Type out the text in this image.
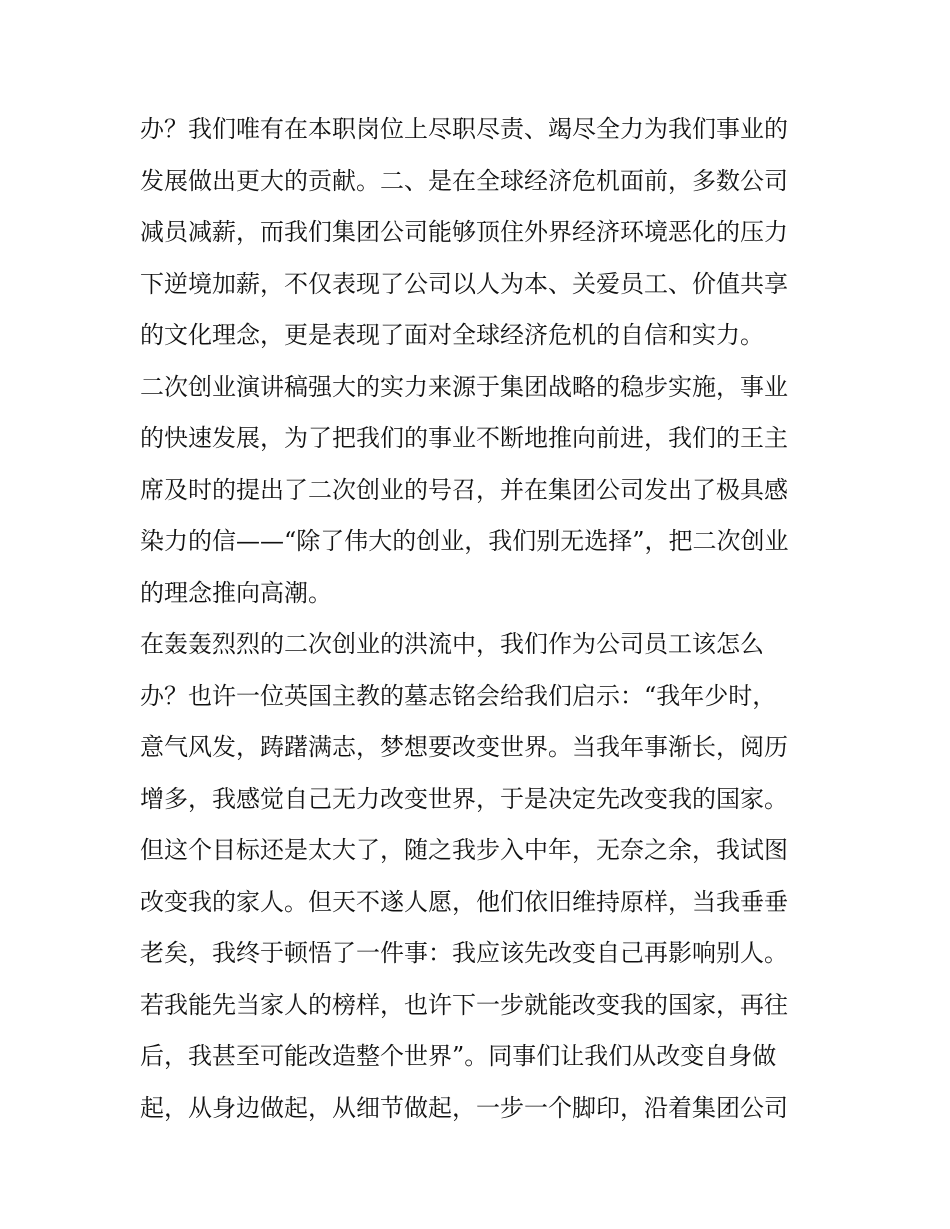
办？我们唯有在本职岗位上尽职尽责、竭尽全力为我们事业的
发展做出更大的贡献。二、是在全球经济危机面前，多数公司
减员减薪，而我们集团公司能够顶住外界经济环境恶化的压力
下逆境加薪，不仅表现了公司以人为本、关爱员工、价值共享
的文化理念，更是表现了面对全球经济危机的自信和实力。
二次创业演讲稿强大的实力来源于集团战略的稳步实施，事业
的快速发展，为了把我们的事业不断地推向前进，我们的王主
席及时的提出了二次创业的号召，并在集团公司发出了极具感
染力的信——“除了伟大的创业，我们别无选择”，把二次创业
的理念推向高潮。
在轰轰烈烈的二次创业的洪流中，我们作为公司员工该怎么
办？也许一位英国主教的墓志铭会给我们启示：“我年少时，
意气风发，踌躇满志，梦想要改变世界。当我年事渐长，阅历
增多，我感觉自己无力改变世界，于是决定先改变我的国家。
但这个目标还是太大了，随之我步入中年，无奈之余，我试图
改变我的家人。但天不遂人愿，他们依旧维持原样，当我垂垂
老矣，我终于顿悟了一件事：我应该先改变自己再影响别人。
若我能先当家人的榜样，也许下一步就能改变我的国家，再往
后，我甚至可能改造整个世界”。同事们让我们从改变自身做
起，从身边做起，从细节做起，一步一个脚印，沿着集团公司
